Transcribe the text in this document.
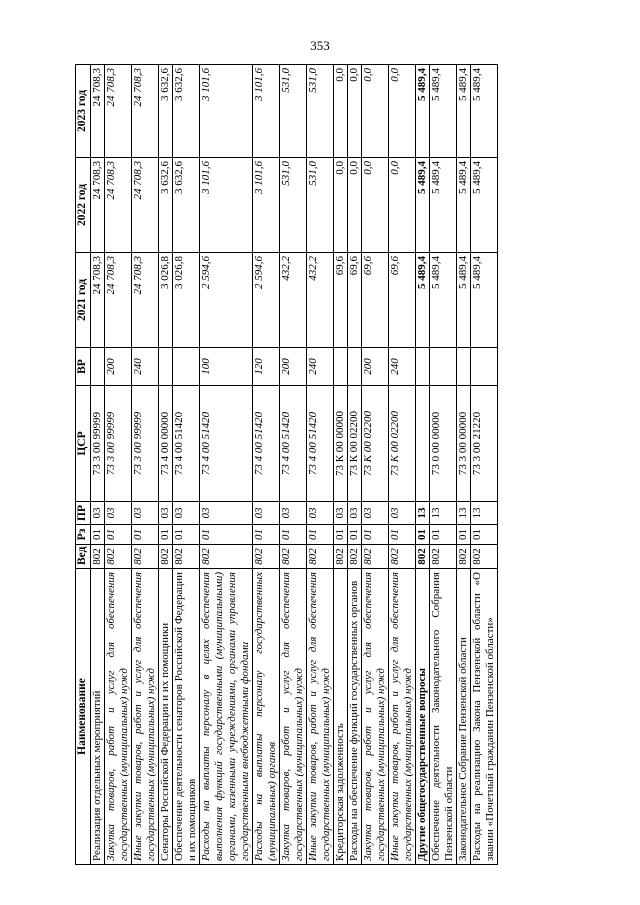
353
Наименование	Вед	Рз	ПР	ЦСР	ВР	2021 год	2022 год	2023 год
Реализация отдельных мероприятий	802	01	03	73 3 00 99999		24 708,3	24 708,3	24 708,3
Закупка товаров, работ и услуг для обеспечения государственных (муниципальных) нужд	802	01	03	73 3 00 99999	200	24 708,3	24 708,3	24 708,3
Иные закупки товаров, работ и услуг для обеспечения государственных (муниципальных) нужд	802	01	03	73 3 00 99999	240	24 708,3	24 708,3	24 708,3
Сенаторы Российской Федерации и их помощники	802	01	03	73 4 00 00000		3 026,8	3 632,6	3 632,6
Обеспечение деятельности сенаторов Российской Федерации и их помощников	802	01	03	73 4 00 51420		3 026,8	3 632,6	3 632,6
Расходы на выплаты персоналу в целях обеспечения выполнения функций государственными (муниципальными) органами, казенными учреждениями, органами управления государственными внебюджетными фондами	802	01	03	73 4 00 51420	100	2 594,6	3 101,6	3 101,6
Расходы на выплаты персоналу государственных (муниципальных) органов	802	01	03	73 4 00 51420	120	2 594,6	3 101,6	3 101,6
Закупка товаров, работ и услуг для обеспечения государственных (муниципальных) нужд	802	01	03	73 4 00 51420	200	432,2	531,0	531,0
Иные закупки товаров, работ и услуг для обеспечения государственных (муниципальных) нужд	802	01	03	73 4 00 51420	240	432,2	531,0	531,0
Кредиторская задолженность	802	01	03	73 К 00 00000		69,6	0,0	0,0
Расходы на обеспечение функций государственных органов	802	01	03	73 К 00 02200		69,6	0,0	0,0
Закупка товаров, работ и услуг для обеспечения государственных (муниципальных) нужд	802	01	03	73 К 00 02200	200	69,6	0,0	0,0
Иные закупки товаров, работ и услуг для обеспечения государственных (муниципальных) нужд	802	01	03	73 К 00 02200	240	69,6	0,0	0,0
Другие общегосударственные вопросы	802	01	13			5 489,4	5 489,4	5 489,4
Обеспечение деятельности Законодательного Собрания Пензенской области	802	01	13	73 0 00 00000		5 489,4	5 489,4	5 489,4
Законодательное Собрание Пензенской области	802	01	13	73 3 00 00000		5 489,4	5 489,4	5 489,4
Расходы на реализацию Закона Пензенской области «О звании «Почетный гражданин Пензенской области»	802	01	13	73 3 00 21220		5 489,4	5 489,4	5 489,4
